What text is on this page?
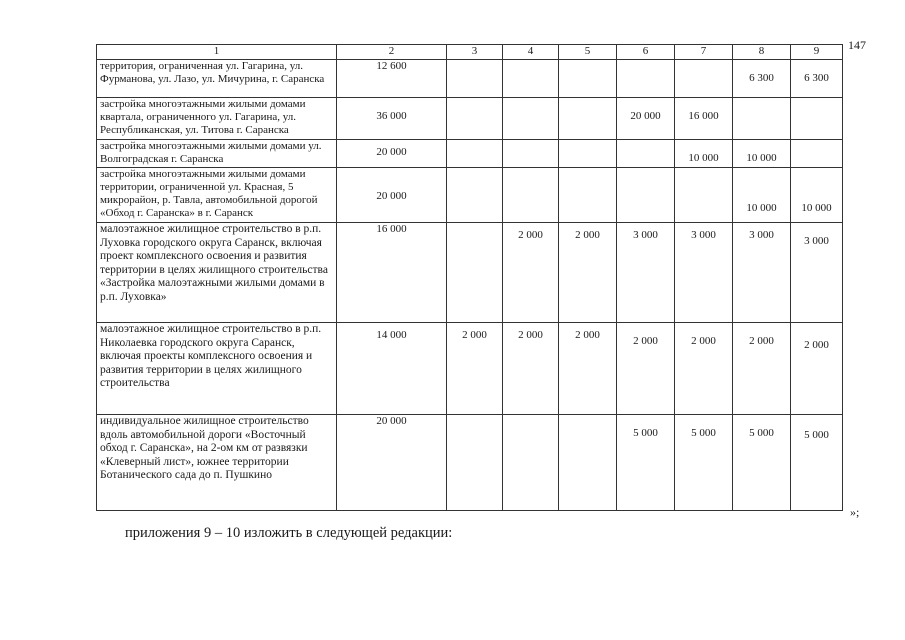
147
1	2	3	4	5	6	7	8	9
территория, ограниченная ул. Гагарина, ул. Фурманова, ул. Лазо, ул. Мичурина, г. Саранска	12 600						6 300	6 300
застройка многоэтажными жилыми домами квартала, ограниченного ул. Гагарина, ул. Республиканская, ул. Титова г. Саранска	36 000				20 000	16 000		
застройка многоэтажными жилыми домами ул. Волгоградская г. Саранска	20 000					10 000	10 000	
застройка многоэтажными жилыми домами территории, ограниченной ул. Красная, 5 микрорайон, р. Тавла, автомобильной дорогой «Обход г. Саранска» в г. Саранск	20 000						10 000	10 000
малоэтажное жилищное строительство в р.п. Луховка городского округа Саранск, включая проект комплексного освоения и развития территории в целях жилищного строительства «Застройка малоэтажными жилыми домами в р.п. Луховка»	16 000		2 000	2 000	3 000	3 000	3 000	3 000
малоэтажное жилищное строительство в р.п. Николаевка городского округа Саранск, включая проекты комплексного освоения и развития территории в целях жилищного строительства	14 000	2 000	2 000	2 000	2 000	2 000	2 000	2 000
индивидуальное жилищное строительство вдоль автомобильной дороги «Восточный обход г. Саранска», на 2-ом км от развязки «Клеверный лист», южнее территории Ботанического сада до п. Пушкино	20 000				5 000	5 000	5 000	5 000
»;
приложения 9 – 10 изложить в следующей редакции:
